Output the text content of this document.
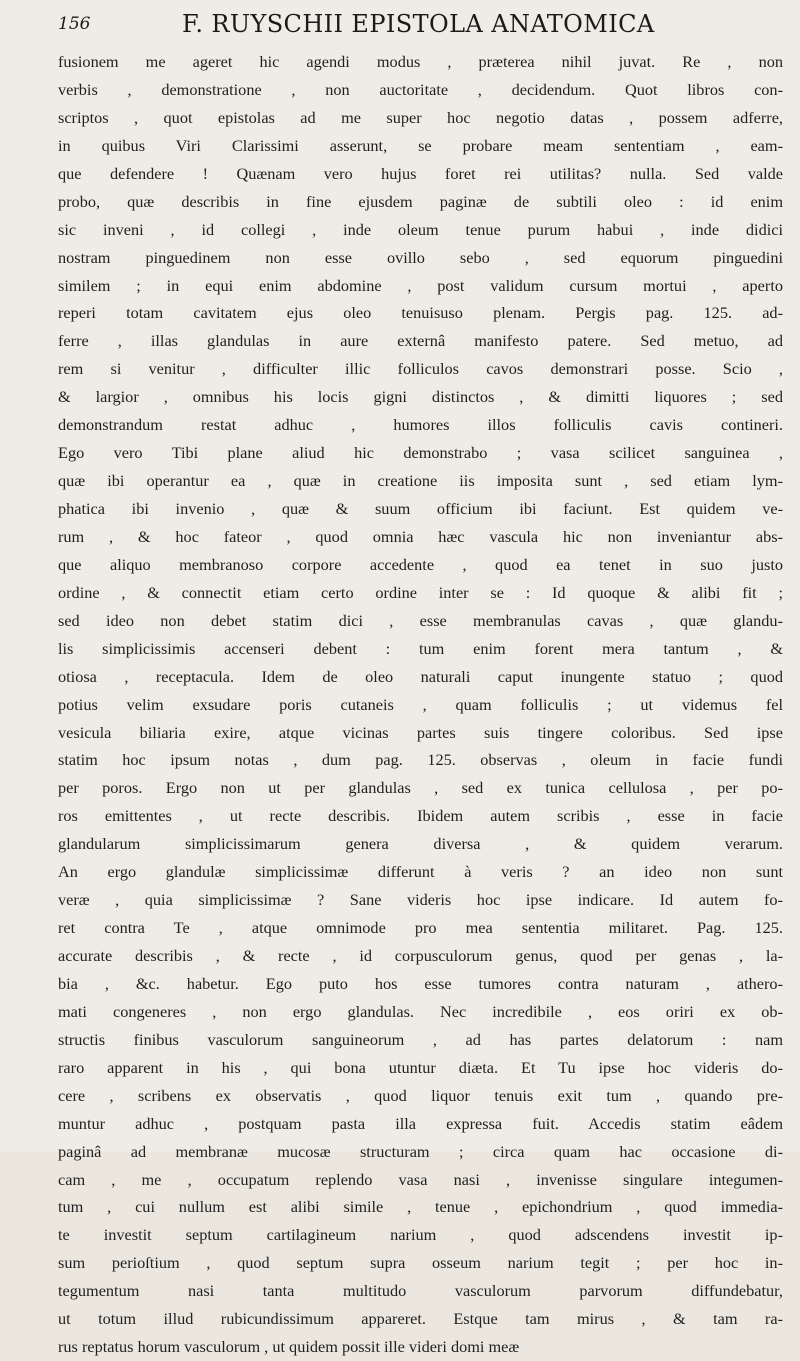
156	F. RUYSCHII EPISTOLA ANATOMICA
fusionem me ageret hic agendi modus , præterea nihil juvat. Re , non
verbis , demonstratione , non auctoritate , decidendum. Quot libros con-
scriptos , quot epistolas ad me super hoc negotio datas , possem adferre,
in quibus Viri Clarissimi asserunt, se probare meam sententiam , eam-
que defendere ! Quænam vero hujus foret rei utilitas? nulla. Sed valde
probo, quæ describis in fine ejusdem paginæ de subtili oleo : id enim
sic inveni , id collegi , inde oleum tenue purum habui , inde didici
nostram pinguedinem non esse ovillo sebo , sed equorum pinguedini
similem ; in equi enim abdomine , post validum cursum mortui , aperto
reperi totam cavitatem ejus oleo tenuisuso plenam. Pergis pag. 125. ad-
ferre , illas glandulas in aure externâ manifesto patere. Sed metuo, ad
rem si venitur , difficulter illic folliculos cavos demonstrari posse. Scio ,
& largior , omnibus his locis gigni distinctos , & dimitti liquores ; sed
demonstrandum restat adhuc , humores illos folliculis cavis contineri.
Ego vero Tibi plane aliud hic demonstrabo ; vasa scilicet sanguinea ,
quæ ibi operantur ea , quæ in creatione iis imposita sunt , sed etiam lym-
phatica ibi invenio , quæ & suum officium ibi faciunt. Est quidem ve-
rum , & hoc fateor , quod omnia hæc vascula hic non inveniantur abs-
que aliquo membranoso corpore accedente , quod ea tenet in suo justo
ordine , & connectit etiam certo ordine inter se : Id quoque & alibi fit ;
sed ideo non debet statim dici , esse membranulas cavas , quæ glandu-
lis simplicissimis accenseri debent : tum enim forent mera tantum , &
otiosa , receptacula. Idem de oleo naturali caput inungente statuo ; quod
potius velim exsudare poris cutaneis , quam folliculis ; ut videmus fel
vesicula biliaria exire, atque vicinas partes suis tingere coloribus. Sed ipse
statim hoc ipsum notas , dum pag. 125. observas , oleum in facie fundi
per poros. Ergo non ut per glandulas , sed ex tunica cellulosa , per po-
ros emittentes , ut recte describis. Ibidem autem scribis , esse in facie
glandularum simplicissimarum genera diversa , & quidem verarum.
An ergo glandulæ simplicissimæ differunt à veris ? an ideo non sunt
veræ , quia simplicissimæ ? Sane videris hoc ipse indicare. Id autem fo-
ret contra Te , atque omnimode pro mea sententia militaret. Pag. 125.
accurate describis , & recte , id corpusculorum genus, quod per genas , la-
bia , &c. habetur. Ego puto hos esse tumores contra naturam , athero-
mati congeneres , non ergo glandulas. Nec incredibile , eos oriri ex ob-
structis finibus vasculorum sanguineorum , ad has partes delatorum : nam
raro apparent in his , qui bona utuntur diæta. Et Tu ipse hoc videris do-
cere , scribens ex observatis , quod liquor tenuis exit tum , quando pre-
muntur adhuc , postquam pasta illa expressa fuit. Accedis statim eâdem
paginâ ad membranæ mucosæ structuram ; circa quam hac occasione di-
cam , me , occupatum replendo vasa nasi , invenisse singulare integumen-
tum , cui nullum est alibi simile , tenue , epichondrium , quod immedia-
te investit septum cartilagineum narium , quod adscendens investit ip-
sum perioſtium , quod septum supra osseum narium tegit ; per hoc in-
tegumentum nasi tanta multitudo vasculorum parvorum diffundebatur,
ut totum illud rubicundissimum appareret. Estque tam mirus , & tam ra-
rus reptatus horum vasculorum , ut quidem possit ille videri domi meæ
